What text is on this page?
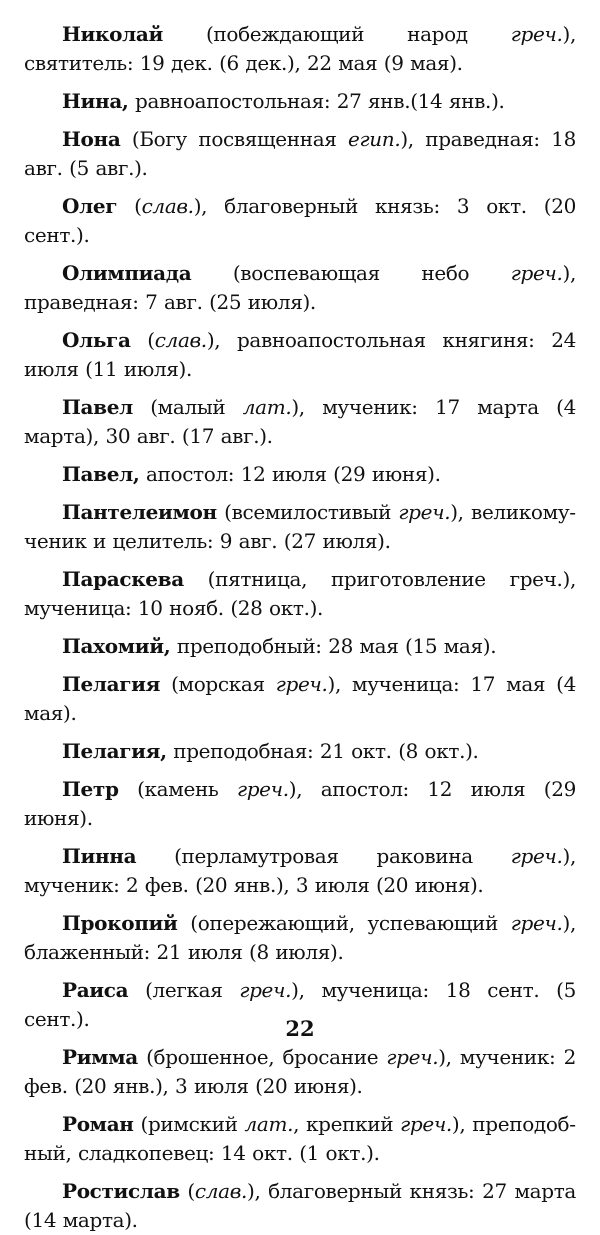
Николай (побеждающий народ греч.), святитель: 19 дек. (6 дек.), 22 мая (9 мая).

Нина, равноапостольная: 27 янв.(14 янв.).

Нона (Богу посвященная егип.), праведная: 18 авг. (5 авг.).

Олег (слав.), благоверный князь: 3 окт. (20 сент.).

Олимпиада (воспевающая небо греч.), праведная: 7 авг. (25 июля).

Ольга (слав.), равноапостольная княгиня: 24 июля (11 июля).

Павел (малый лат.), мученик: 17 марта (4 марта), 30 авг. (17 авг.).

Павел, апостол: 12 июля (29 июня).

Пантелеимон (всемилостивый греч.), великомученик и целитель: 9 авг. (27 июля).

Параскева (пятница, приготовление греч.), мученица: 10 нояб. (28 окт.).

Пахомий, преподобный: 28 мая (15 мая).

Пелагия (морская греч.), мученица: 17 мая (4 мая).

Пелагия, преподобная: 21 окт. (8 окт.).

Петр (камень греч.), апостол: 12 июля (29 июня).

Пинна (перламутровая раковина греч.), мученик: 2 фев. (20 янв.), 3 июля (20 июня).

Прокопий (опережающий, успевающий греч.), блаженный: 21 июля (8 июля).

Раиса (легкая греч.), мученица: 18 сент. (5 сент.).

Римма (брошенное, бросание греч.), мученик: 2 фев. (20 янв.), 3 июля (20 июня).

Роман (римский лат., крепкий греч.), преподобный, сладкопевец: 14 окт. (1 окт.).

Ростислав (слав.), благоверный князь: 27 марта (14 марта).

22
